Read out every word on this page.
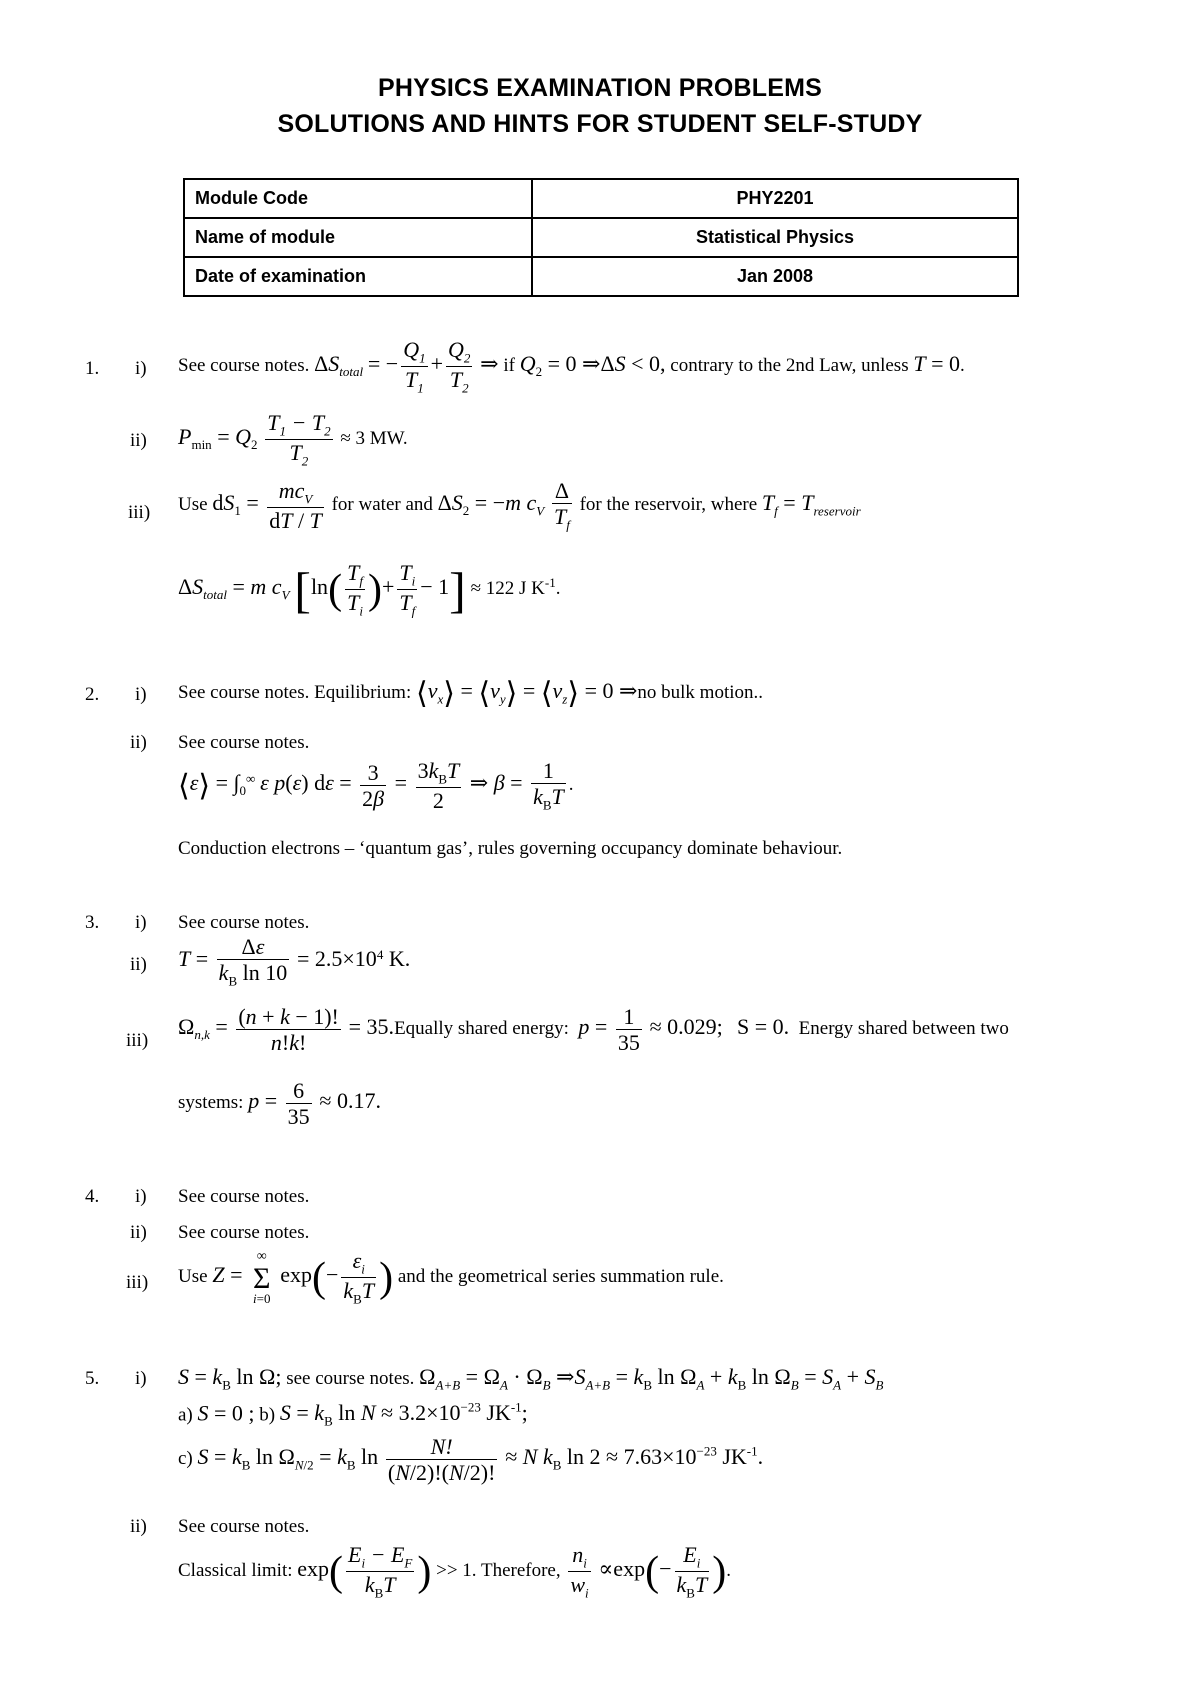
PHYSICS EXAMINATION PROBLEMS
SOLUTIONS AND HINTS FOR STUDENT SELF-STUDY
Module Code	PHY2201
Name of module	Statistical Physics
Date of examination	Jan 2008
1. i) See course notes. $\Delta S_{total}$ = − $\frac{Q_1}{T_1} + \frac{Q_2}{T_2}$ ⇒ if $Q_2 = 0$ ⇒ΔS < 0, contrary to the 2nd Law, unless T = 0.
ii) $P_{min} = Q_2 \frac{T_1 - T_2}{T_2} \approx 3$ MW.
iii) Use $dS_1 = \frac{mc_V}{dT / T}$ for water and $\Delta S_2 = -m$ $c_V \frac{\Delta}{T_f}$ for the reservoir, where $T_f = T_{reservoir}$
$\Delta S_{total} = m$ $c_V$ [$\ln( \frac{T_f}{T_i}$ )+ $\frac{T_i}{T_f} - 1] \approx 122$ J $K^{-1}$.
2. i) See course notes. Equilibrium: $⟨v_x⟩$ = $⟨v_y⟩$ = $⟨v_z⟩ = 0$ ⇒no bulk motion..
ii) See course notes.
⟨ε⟩ = $\int_0^\infty$ ε p(ε) $d\varepsilon = \frac{3}{2\beta} = \frac{3k_BT}{2}$ ⇒ $\beta = \frac{1}{k_BT}$ .
Conduction electrons – ‘quantum gas’, rules governing occupancy dominate behaviour.
3. i) See course notes.
ii) $T = \frac{\Delta\varepsilon}{k_B \ln 10} = 2.5\times 10^4$ K.
iii)
$\Omega_{n,k} = \frac{(n + k - 1)!}{n!k!}$ = 35.Equally shared energy: $p = \frac{1}{35} \approx 0.029$; S = 0. Energy shared between two
systems: $p = \frac{6}{35} \approx 0.17$.
4. i) See course notes.
ii) See course notes.
iii) Use Z =
∞
Σ
i=0
$\exp(- \frac{\varepsilon_i}{k_BT}$ ) and the geometrical series summation rule.
5. i) $S = k_B$ ln Ω; see course notes. $\Omega_{A+B} = \Omega_A \cdot \Omega_B$ $\Rightarrow S_{A+B} = k_B$ $\ln \Omega_A + k_B$ $\ln \Omega_B = S_A + S_B$
a) S = 0 ; b) $S = k_B$ $\ln N \approx 3.2\times 10^{-23}$ $JK^{-1}$;
c) $S = k_B$ $\ln \Omega_{N/2} = k_B$ $\ln \frac{N!}{(N/2)!(N/2)!} \approx N$ $k_B$ $\ln 2 \approx 7.63\times 10^{-23}$ $JK^{-1}$.
ii) See course notes.
Classical limit: $\exp( \frac{E_i - E_F}{k_BT}$ ) >> 1. Therefore, $\frac{n_i}{w_i} \propto\exp(- \frac{E_i}{k_BT}$ ).
